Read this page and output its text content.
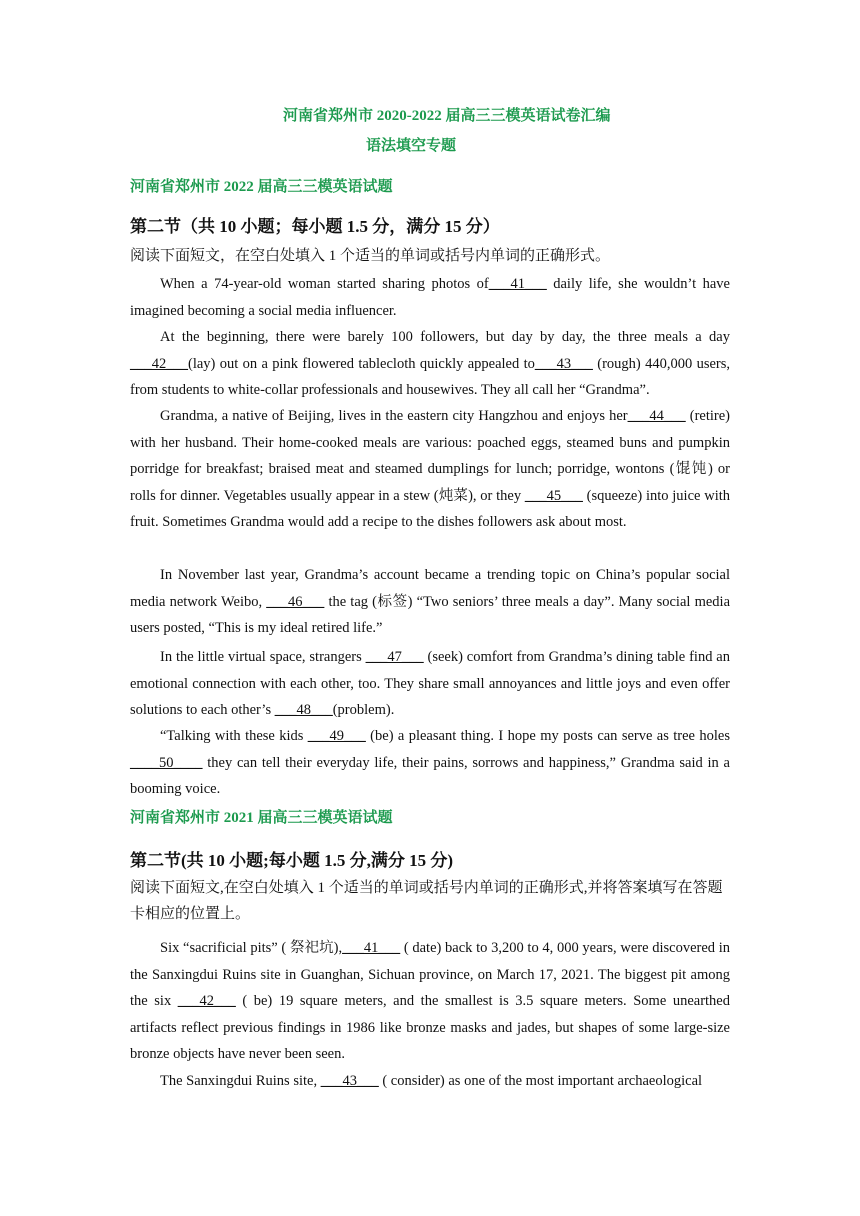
河南省郑州市 2020-2022 届高三三模英语试卷汇编
语法填空专题
河南省郑州市 2022 届高三三模英语试题
第二节（共 10 小题；每小题 1.5 分，满分 15 分）
阅读下面短文，在空白处填入 1 个适当的单词或括号内单词的正确形式。
When a 74-year-old woman started sharing photos of___41___ daily life, she wouldn’t have imagined becoming a social media influencer.
At the beginning, there were barely 100 followers, but day by day, the three meals a day ___42___(lay) out on a pink flowered tablecloth quickly appealed to___43___ (rough) 440,000 users, from students to white-collar professionals and housewives. They all call her “Grandma”.
Grandma, a native of Beijing, lives in the eastern city Hangzhou and enjoys her___44___ (retire) with her husband. Their home-cooked meals are various: poached eggs, steamed buns and pumpkin porridge for breakfast; braised meat and steamed dumplings for lunch; porridge, wontons (馄饨) or rolls for dinner. Vegetables usually appear in a stew (炖菜), or they ___45___ (squeeze) into juice with fruit. Sometimes Grandma would add a recipe to the dishes followers ask about most.
In November last year, Grandma’s account became a trending topic on China’s popular social media network Weibo, ___46___ the tag (标签) “Two seniors’ three meals a day”. Many social media users posted, “This is my ideal retired life.”
In the little virtual space, strangers ___47___ (seek) comfort from Grandma’s dining table find an emotional connection with each other, too. They share small annoyances and little joys and even offer solutions to each other’s ___48___(problem).
“Talking with these kids ___49___ (be) a pleasant thing. I hope my posts can serve as tree holes ____50____ they can tell their everyday life, their pains, sorrows and happiness,” Grandma said in a booming voice.
河南省郑州市 2021 届高三三模英语试题
第二节(共 10 小题;每小题 1.5 分,满分 15 分)
阅读下面短文,在空白处填入 1 个适当的单词或括号内单词的正确形式,并将答案填写在答题卡相应的位置上。
Six “sacrificial pits” ( 祭祀坑),___41___ ( date) back to 3,200 to 4, 000 years, were discovered in the Sanxingdui Ruins site in Guanghan, Sichuan province, on March 17, 2021. The biggest pit among the six ___42___ ( be) 19 square meters, and the smallest is 3.5 square meters. Some unearthed artifacts reflect previous findings in 1986 like bronze masks and jades, but shapes of some large-size bronze objects have never been seen.
The Sanxingdui Ruins site, ___43___ ( consider) as one of the most important archaeological
